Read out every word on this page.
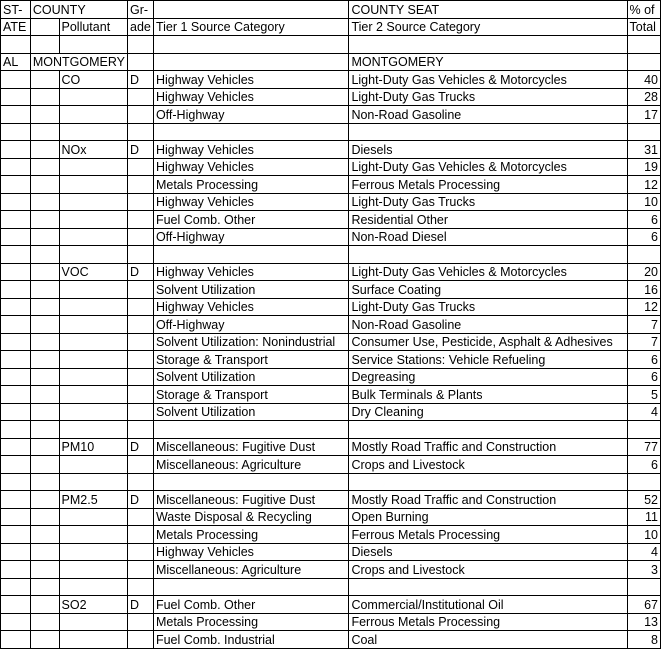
ST-	COUNTY		Gr-		COUNTY SEAT	% of
ATE		Pollutant	ade	Tier 1 Source Category	Tier 2 Source Category	Total

AL	MONTGOMERY				MONTGOMERY	
		CO	D	Highway Vehicles	Light-Duty Gas Vehicles & Motorcycles	40
				Highway Vehicles	Light-Duty Gas Trucks	28
				Off-Highway	Non-Road Gasoline	17

		NOx	D	Highway Vehicles	Diesels	31
				Highway Vehicles	Light-Duty Gas Vehicles & Motorcycles	19
				Metals Processing	Ferrous Metals Processing	12
				Highway Vehicles	Light-Duty Gas Trucks	10
				Fuel Comb. Other	Residential Other	6
				Off-Highway	Non-Road Diesel	6

		VOC	D	Highway Vehicles	Light-Duty Gas Vehicles & Motorcycles	20
				Solvent Utilization	Surface Coating	16
				Highway Vehicles	Light-Duty Gas Trucks	12
				Off-Highway	Non-Road Gasoline	7
				Solvent Utilization: Nonindustrial	Consumer Use, Pesticide, Asphalt & Adhesives	7
				Storage & Transport	Service Stations: Vehicle Refueling	6
				Solvent Utilization	Degreasing	6
				Storage & Transport	Bulk Terminals & Plants	5
				Solvent Utilization	Dry Cleaning	4

		PM10	D	Miscellaneous: Fugitive Dust	Mostly Road Traffic and Construction	77
				Miscellaneous: Agriculture	Crops and Livestock	6

		PM2.5	D	Miscellaneous: Fugitive Dust	Mostly Road Traffic and Construction	52
				Waste Disposal & Recycling	Open Burning	11
				Metals Processing	Ferrous Metals Processing	10
				Highway Vehicles	Diesels	4
				Miscellaneous: Agriculture	Crops and Livestock	3

		SO2	D	Fuel Comb. Other	Commercial/Institutional Oil	67
				Metals Processing	Ferrous Metals Processing	13
				Fuel Comb. Industrial	Coal	8
